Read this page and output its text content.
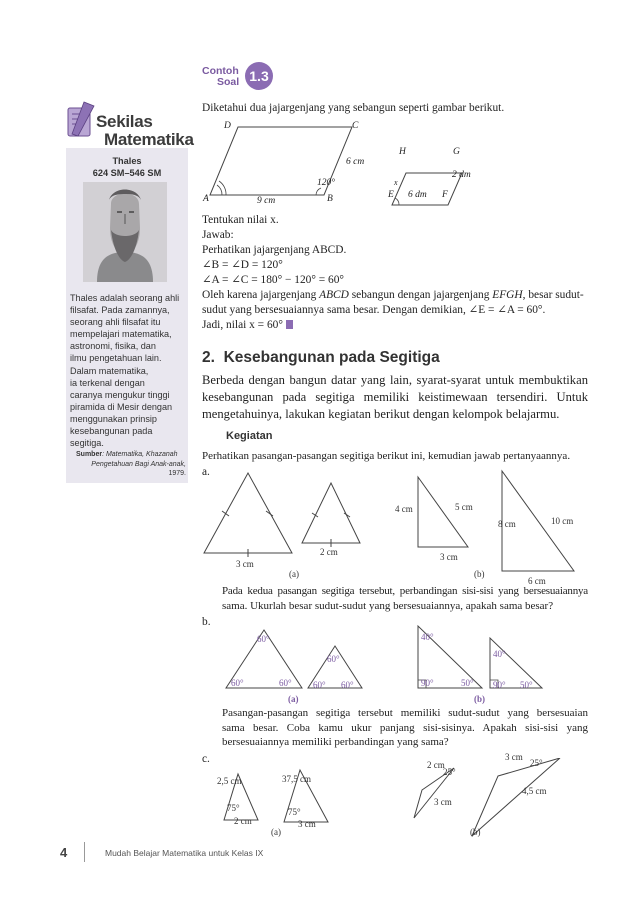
Sekilas
Matematika
Thales
624 SM–546 SM
Thales adalah seorang ahli
filsafat. Pada zamannya,
seorang ahli filsafat itu
mempelajari matematika,
astronomi, fisika, dan
ilmu pengetahuan lain.
Dalam matematika,
ia terkenal dengan
caranya mengukur tinggi
piramida di Mesir dengan
menggunakan prinsip
kesebangunan pada
segitiga.
Sumber: Matematika, Khazanah
Pengetahuan Bagi Anak-anak,
1979.
Contoh
Soal 1.3
Diketahui dua jajargenjang yang sebangun seperti gambar berikut.
D	C
A	B
6 cm
9 cm
120°
H	G
E	F
2 dm
6 dm
x
Tentukan nilai x.
Jawab:
Perhatikan jajargenjang ABCD.
∠B = ∠D = 120°
∠A = ∠C = 180° − 120° = 60°
Oleh karena jajargenjang ABCD sebangun dengan jajargenjang EFGH, besar sudut-
sudut yang bersesuaiannya sama besar. Dengan demikian, ∠E = ∠A = 60°.
Jadi, nilai x = 60°
2. Kesebangunan pada Segitiga
Berbeda dengan bangun datar yang lain, syarat-syarat untuk membuktikan
kesebangunan pada segitiga memiliki keistimewaan tersendiri. Untuk
mengetahuinya, lakukan kegiatan berikut dengan kelompok belajarmu.
Kegiatan
Perhatikan pasangan-pasangan segitiga berikut ini, kemudian jawab pertanyaannya.
a.
3 cm
2 cm
(a)
4 cm	5 cm
3 cm
8 cm	10 cm
6 cm
(b)
Pada kedua pasangan segitiga tersebut, perbandingan sisi-sisi yang bersesuaiannya
sama. Ukurlah besar sudut-sudut yang bersesuaiannya, apakah sama besar?
b.
60°
60°	60°
60°
60° 60°
(a)
40°
90°	50°
40°
90° 50°
(b)
Pasangan-pasangan segitiga tersebut memiliki sudut-sudut yang bersesuaian
sama besar. Coba kamu ukur panjang sisi-sisinya. Apakah sisi-sisi yang
bersesuaiannya memiliki perbandingan yang sama?
c.
2,5 cm
75°
2 cm
37,5 cm
75°
3 cm
(a)
2 cm
25°
3 cm
3 cm
25°
4,5 cm
(b)
4	Mudah Belajar Matematika untuk Kelas IX
